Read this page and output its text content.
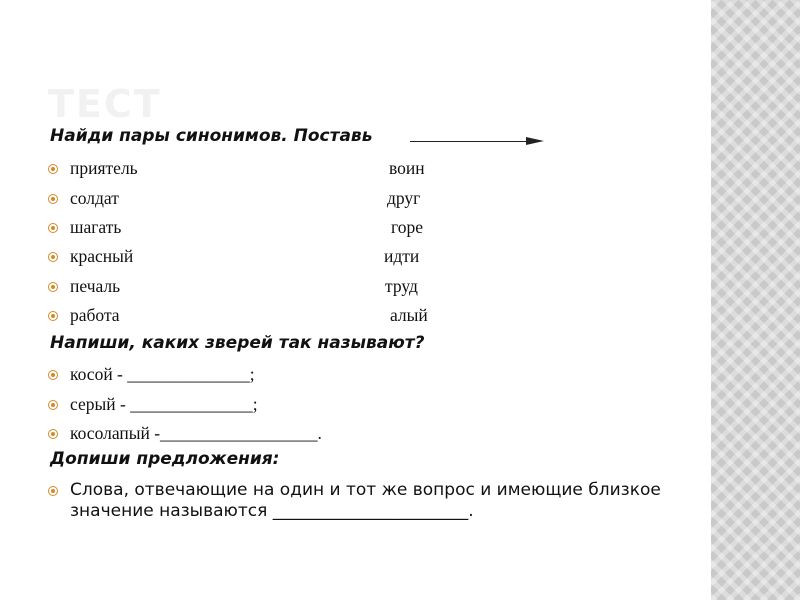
ТЕСТ
Найди пары синонимов. Поставь
приятель	воин
солдат	друг
шагать	горе
красный	идти
печаль	труд
работа	алый
Напиши, каких зверей так называют?
косой - ______________;
серый - ______________;
косолапый -__________________.
Допиши предложения:
Слова, отвечающие на один и тот же вопрос и имеющие близкое значение называются _______________________.
